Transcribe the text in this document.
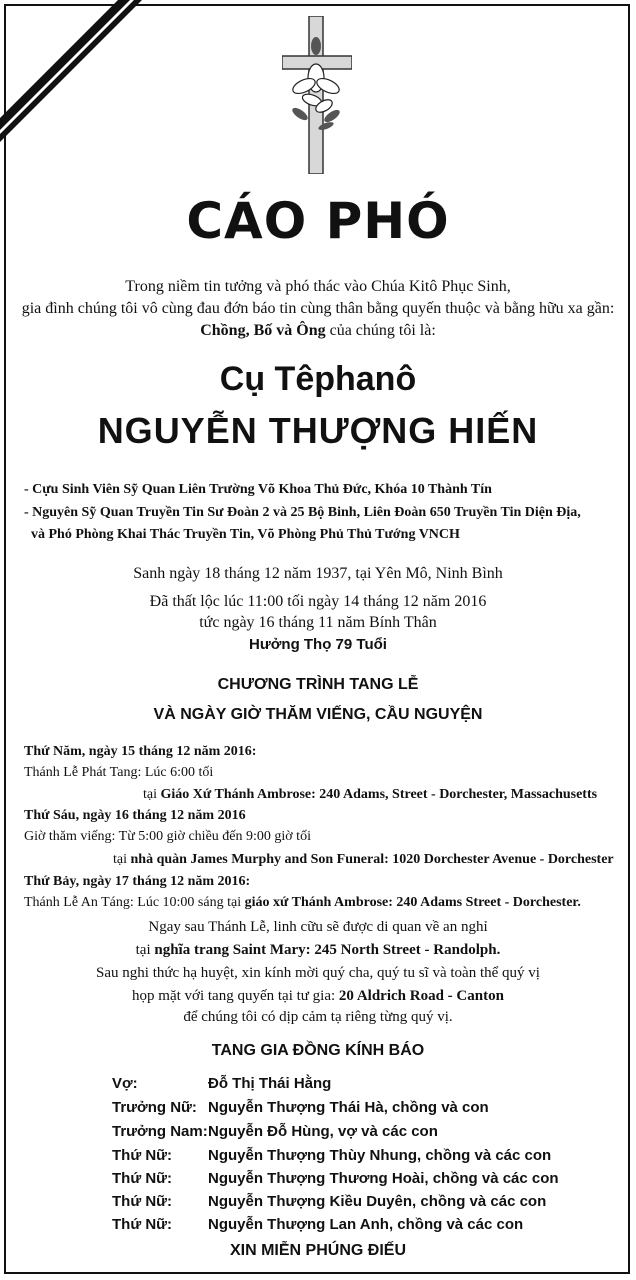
CÁO PHÓ
Trong niềm tin tưởng và phó thác vào Chúa Kitô Phục Sinh,
gia đình chúng tôi vô cùng đau đớn báo tin cùng thân bằng quyến thuộc và bằng hữu xa gần:
Chồng, Bố và Ông của chúng tôi là:
Cụ Têphanô
NGUYỄN THƯỢNG HIẾN
- Cựu Sinh Viên Sỹ Quan Liên Trường Võ Khoa Thủ Đức, Khóa 10 Thành Tín
- Nguyên Sỹ Quan Truyền Tin Sư Đoàn 2 và 25 Bộ Binh, Liên Đoàn 650 Truyền Tin Diện Địa,
và Phó Phòng Khai Thác Truyền Tin, Võ Phòng Phủ Thủ Tướng VNCH
Sanh ngày 18 tháng 12 năm 1937, tại Yên Mô, Ninh Bình
Đã thất lộc lúc 11:00 tối ngày 14 tháng 12 năm 2016
tức ngày 16 tháng 11 năm Bính Thân
Hưởng Thọ 79 Tuổi
CHƯƠNG TRÌNH TANG LỄ
VÀ NGÀY GIỜ THĂM VIẾNG, CẦU NGUYỆN
Thứ Năm, ngày 15 tháng 12 năm 2016:
Thánh Lễ Phát Tang: Lúc 6:00 tối
tại Giáo Xứ Thánh Ambrose: 240 Adams, Street - Dorchester, Massachusetts
Thứ Sáu, ngày 16 tháng 12 năm 2016
Giờ thăm viếng: Từ 5:00 giờ chiều đến 9:00 giờ tối
tại nhà quàn James Murphy and Son Funeral: 1020 Dorchester Avenue - Dorchester
Thứ Bảy, ngày 17 tháng 12 năm 2016:
Thánh Lễ An Táng: Lúc 10:00 sáng tại giáo xứ Thánh Ambrose: 240 Adams Street - Dorchester.
Ngay sau Thánh Lễ, linh cữu sẽ được di quan về an nghỉ
tại nghĩa trang Saint Mary: 245 North Street - Randolph.
Sau nghi thức hạ huyệt, xin kính mời quý cha, quý tu sĩ và toàn thể quý vị
họp mặt với tang quyến tại tư gia: 20 Aldrich Road - Canton
để chúng tôi có dịp cảm tạ riêng từng quý vị.
TANG GIA ĐỒNG KÍNH BÁO
Vợ:	Đỗ Thị Thái Hằng
Trưởng Nữ: Nguyễn Thượng Thái Hà, chồng và con
Trưởng Nam: Nguyễn Đỗ Hùng, vợ và các con
Thứ Nữ: Nguyễn Thượng Thùy Nhung, chồng và các con
Thứ Nữ: Nguyễn Thượng Thương Hoài, chồng và các con
Thứ Nữ: Nguyễn Thượng Kiều Duyên, chồng và các con
Thứ Nữ: Nguyễn Thượng Lan Anh, chồng và các con
XIN MIỄN PHÚNG ĐIẾU
